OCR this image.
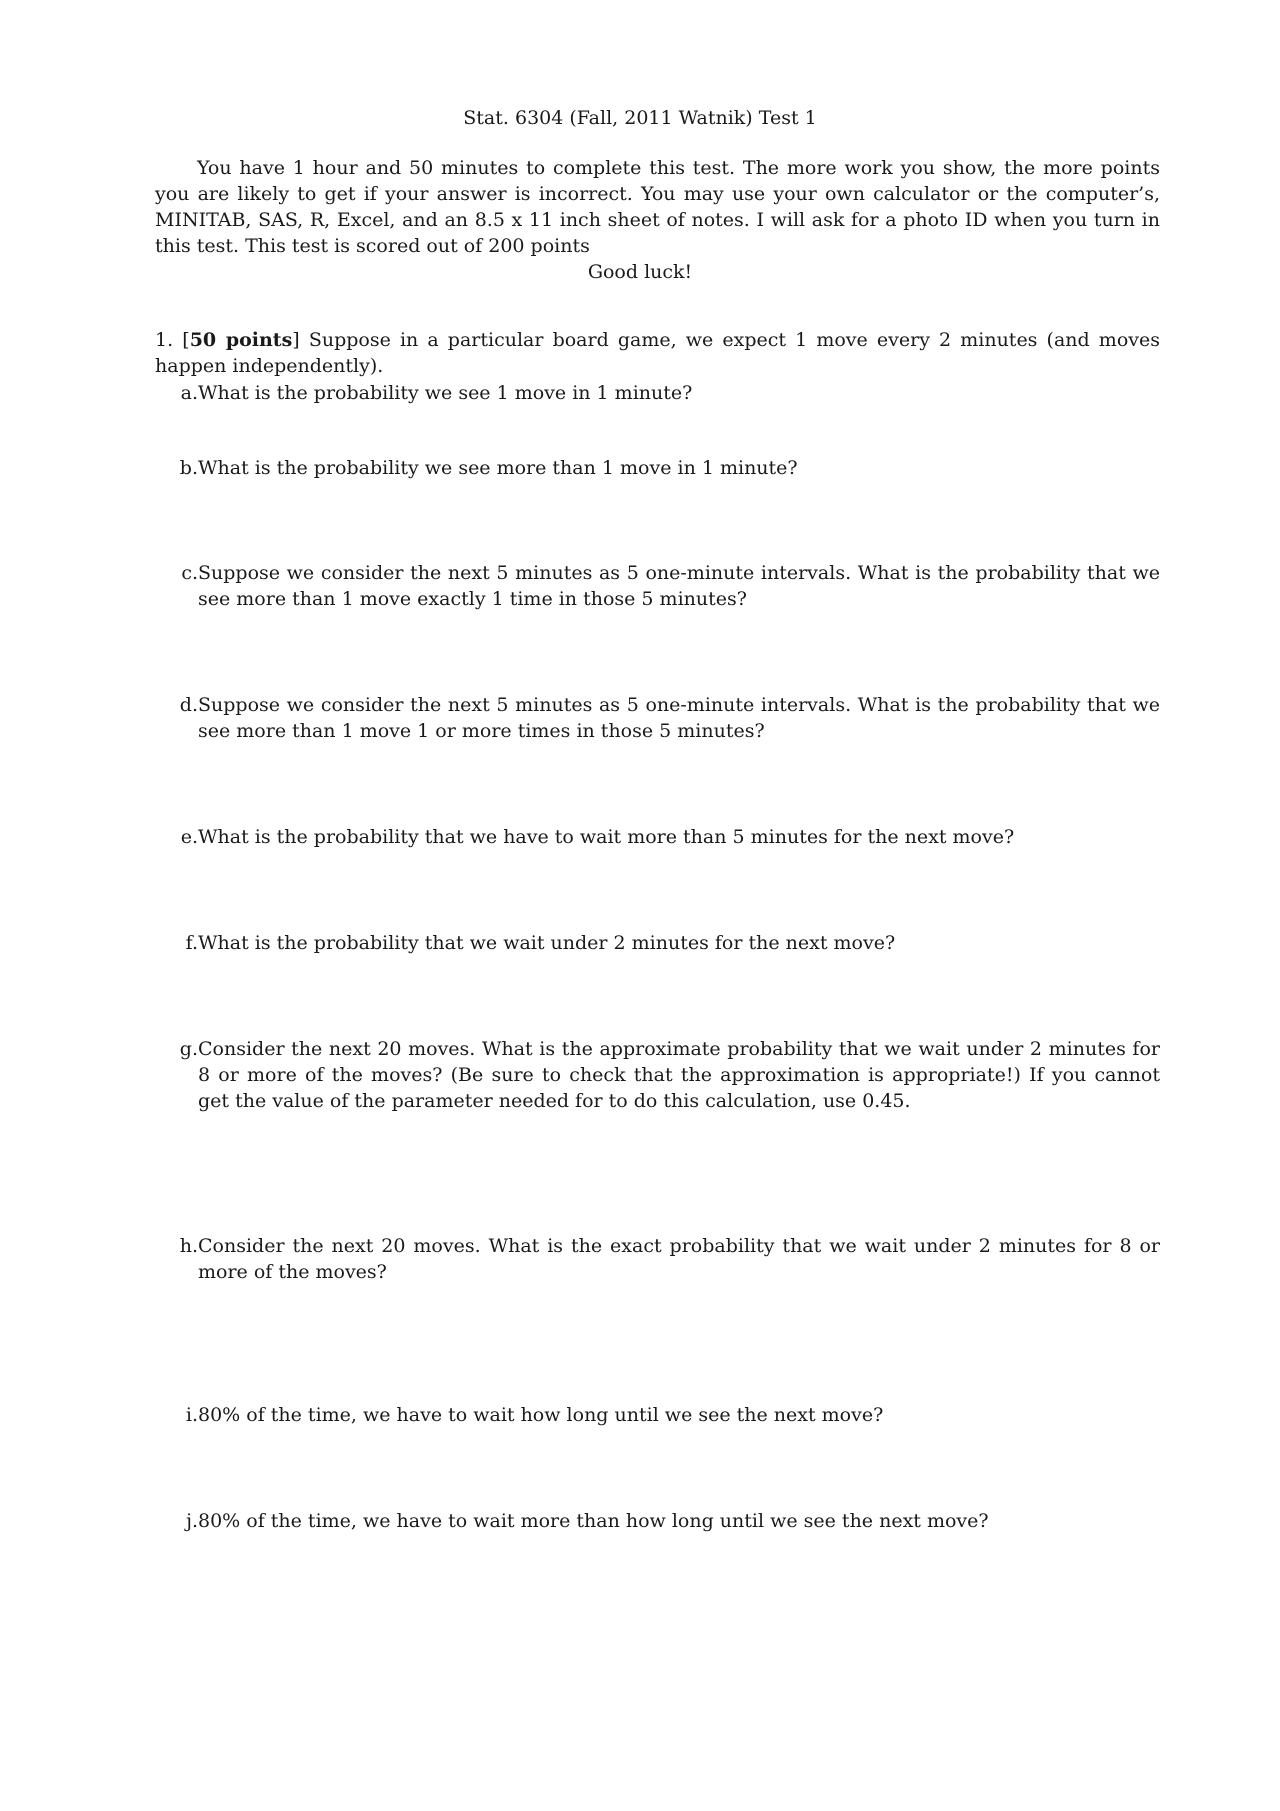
Stat. 6304 (Fall, 2011 Watnik) Test 1
You have 1 hour and 50 minutes to complete this test. The more work you show, the more points you are likely to get if your answer is incorrect. You may use your own calculator or the computer’s, MINITAB, SAS, R, Excel, and an 8.5 x 11 inch sheet of notes. I will ask for a photo ID when you turn in this test. This test is scored out of 200 points
Good luck!
1. [50 points] Suppose in a particular board game, we expect 1 move every 2 minutes (and moves happen independently).
a. What is the probability we see 1 move in 1 minute?
b. What is the probability we see more than 1 move in 1 minute?
c. Suppose we consider the next 5 minutes as 5 one-minute intervals. What is the probability that we see more than 1 move exactly 1 time in those 5 minutes?
d. Suppose we consider the next 5 minutes as 5 one-minute intervals. What is the probability that we see more than 1 move 1 or more times in those 5 minutes?
e. What is the probability that we have to wait more than 5 minutes for the next move?
f. What is the probability that we wait under 2 minutes for the next move?
g. Consider the next 20 moves. What is the approximate probability that we wait under 2 minutes for 8 or more of the moves? (Be sure to check that the approximation is appropriate!) If you cannot get the value of the parameter needed for to do this calculation, use 0.45.
h. Consider the next 20 moves. What is the exact probability that we wait under 2 minutes for 8 or more of the moves?
i. 80% of the time, we have to wait how long until we see the next move?
j. 80% of the time, we have to wait more than how long until we see the next move?
